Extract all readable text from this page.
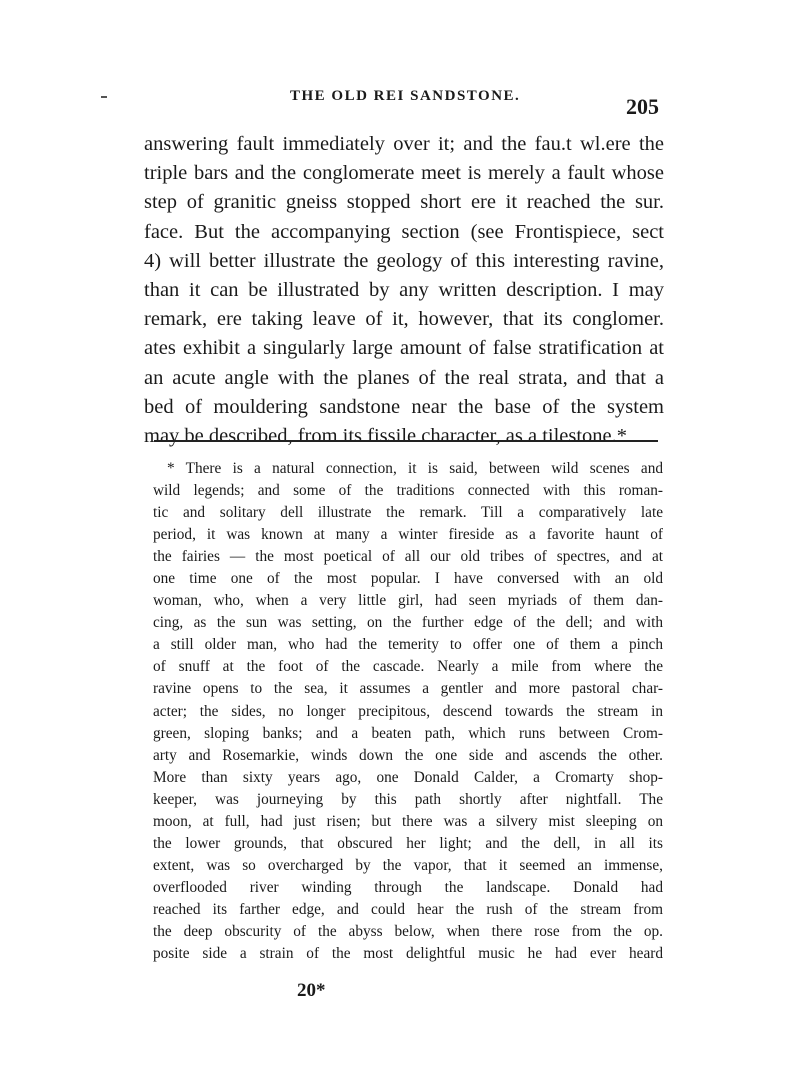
THE OLD REI SANDSTONE.	205
answering fault immediately over it; and the fau.t wl.ere the
triple bars and the conglomerate meet is merely a fault whose
step of granitic gneiss stopped short ere it reached the sur.
face. But the accompanying section (see Frontispiece, sect
4) will better illustrate the geology of this interesting ravine,
than it can be illustrated by any written description. I may
remark, ere taking leave of it, however, that its conglomer.
ates exhibit a singularly large amount of false stratification at
an acute angle with the planes of the real strata, and that a
bed of mouldering sandstone near the base of the system
may be described, from its fissile character, as a tilestone.*
* There is a natural connection, it is said, between wild scenes and
wild legends; and some of the traditions connected with this roman-
tic and solitary dell illustrate the remark. Till a comparatively late
period, it was known at many a winter fireside as a favorite haunt of
the fairies — the most poetical of all our old tribes of spectres, and at
one time one of the most popular. I have conversed with an old
woman, who, when a very little girl, had seen myriads of them dan-
cing, as the sun was setting, on the further edge of the dell; and with
a still older man, who had the temerity to offer one of them a pinch
of snuff at the foot of the cascade. Nearly a mile from where the
ravine opens to the sea, it assumes a gentler and more pastoral char-
acter; the sides, no longer precipitous, descend towards the stream in
green, sloping banks; and a beaten path, which runs between Crom-
arty and Rosemarkie, winds down the one side and ascends the other.
More than sixty years ago, one Donald Calder, a Cromarty shop-
keeper, was journeying by this path shortly after nightfall. The
moon, at full, had just risen; but there was a silvery mist sleeping on
the lower grounds, that obscured her light; and the dell, in all its
extent, was so overcharged by the vapor, that it seemed an immense,
overflooded river winding through the landscape. Donald had
reached its farther edge, and could hear the rush of the stream from
the deep obscurity of the abyss below, when there rose from the op.
posite side a strain of the most delightful music he had ever heard
20*
